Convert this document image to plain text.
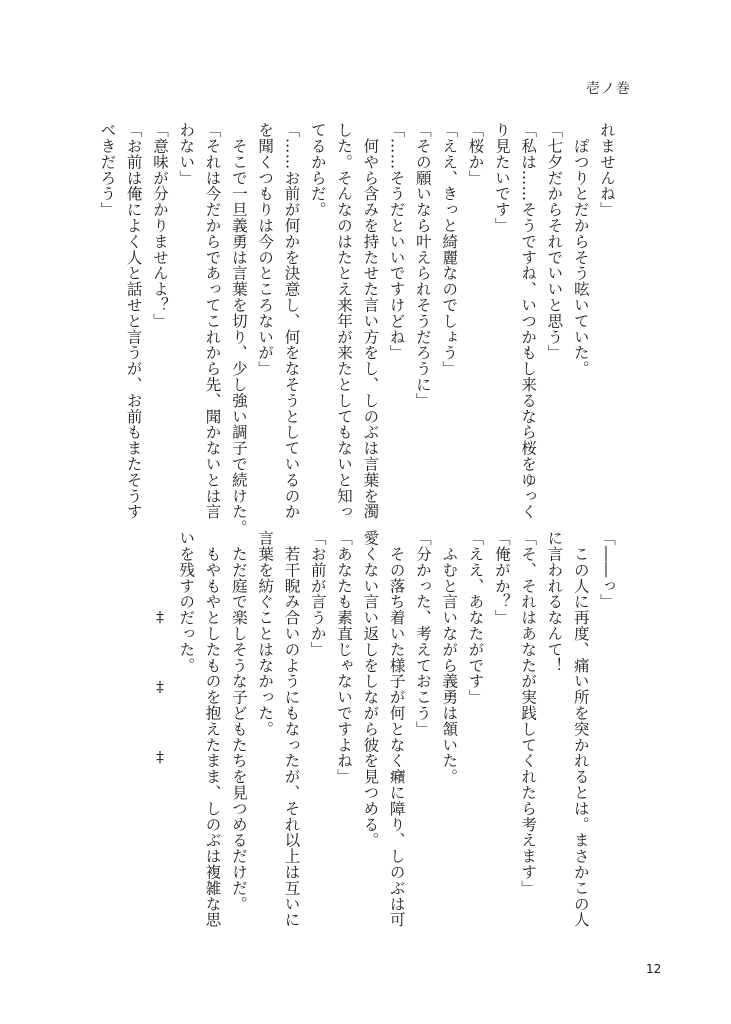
壱ノ巻
れませんね」
　ぽつりとだからそう呟いていた。
「七夕だからそれでいいと思う」
「私は……そうですね、いつかもし来るなら桜をゆっく
り見たいです」
「桜か」
「ええ、きっと綺麗なのでしょう」
「その願いなら叶えられそうだろうに」
「……そうだといいですけどね」
　何やら含みを持たせた言い方をし、しのぶは言葉を濁
した。そんなのはたとえ来年が来たとしてもないと知っ
てるからだ。
「……お前が何かを決意し、何をなそうとしているのか
を聞くつもりは今のところないが」
　そこで一旦義勇は言葉を切り、少し強い調子で続けた。
「それは今だからであってこれから先、聞かないとは言
わない」
「意味が分かりませんよ？」
「お前は俺によく人と話せと言うが、お前もまたそうす
べきだろう」
「――っ」
　この人に再度、痛い所を突かれるとは。まさかこの人
に言われるなんて！
「そ、それはあなたが実践してくれたら考えます」
「俺がか？」
「ええ、あなたがです」
　ふむと言いながら義勇は頷いた。
「分かった、考えておこう」
　その落ち着いた様子が何となく癪に障り、しのぶは可
愛くない言い返しをしながら彼を見つめる。
「あなたも素直じゃないですよね」
「お前が言うか」
　若干睨み合いのようにもなったが、それ以上は互いに
言葉を紡ぐことはなかった。
　ただ庭で楽しそうな子どもたちを見つめるだけだ。
　もやもやとしたものを抱えたまま、しのぶは複雑な思
いを残すのだった。
‡‡‡
12
